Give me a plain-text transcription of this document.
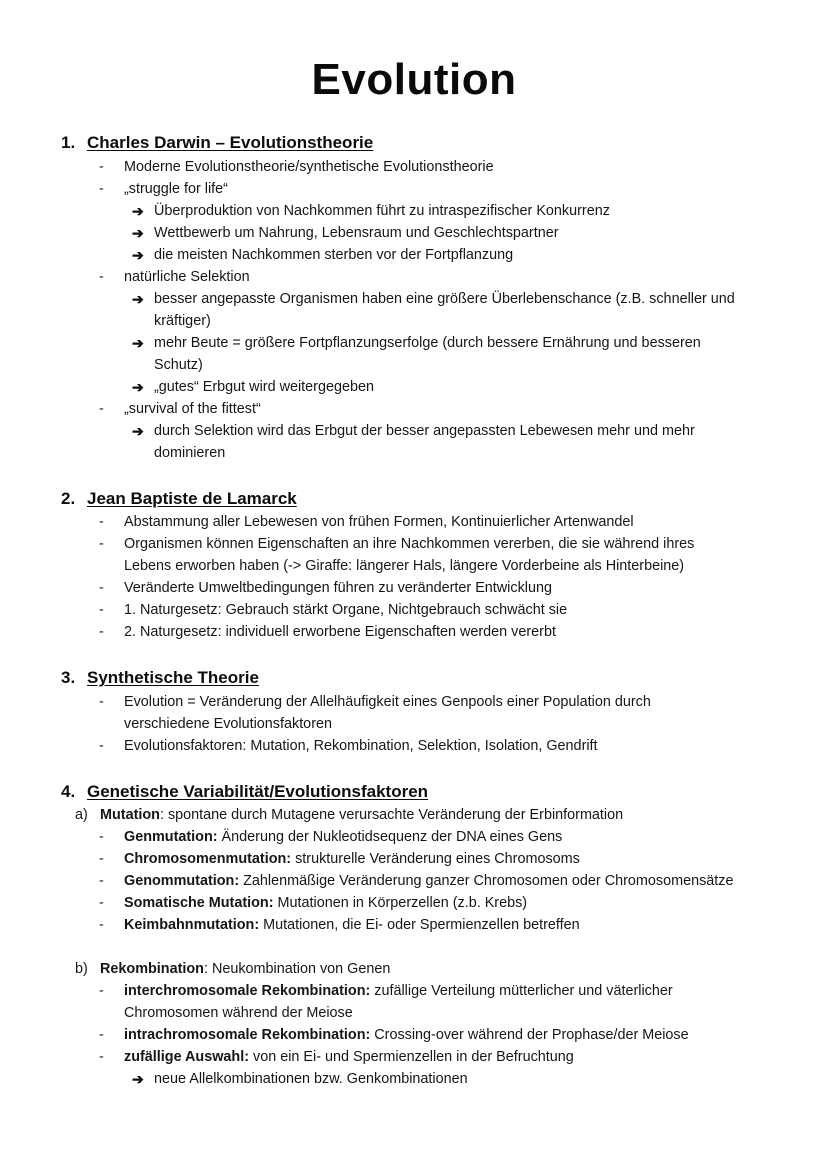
Evolution
1. Charles Darwin – Evolutionstheorie
- Moderne Evolutionstheorie/synthetische Evolutionstheorie
- „struggle for life“
➔ Überproduktion von Nachkommen führt zu intraspezifischer Konkurrenz
➔ Wettbewerb um Nahrung, Lebensraum und Geschlechtspartner
➔ die meisten Nachkommen sterben vor der Fortpflanzung
- natürliche Selektion
➔ besser angepasste Organismen haben eine größere Überlebenschance (z.B. schneller und
kräftiger)
➔ mehr Beute = größere Fortpflanzungserfolge (durch bessere Ernährung und besseren
Schutz)
➔ „gutes“ Erbgut wird weitergegeben
- „survival of the fittest“
➔ durch Selektion wird das Erbgut der besser angepassten Lebewesen mehr und mehr
dominieren
2. Jean Baptiste de Lamarck
- Abstammung aller Lebewesen von frühen Formen, Kontinuierlicher Artenwandel
- Organismen können Eigenschaften an ihre Nachkommen vererben, die sie während ihres
Lebens erworben haben (-> Giraffe: längerer Hals, längere Vorderbeine als Hinterbeine)
- Veränderte Umweltbedingungen führen zu veränderter Entwicklung
- 1. Naturgesetz: Gebrauch stärkt Organe, Nichtgebrauch schwächt sie
- 2. Naturgesetz: individuell erworbene Eigenschaften werden vererbt
3. Synthetische Theorie
- Evolution = Veränderung der Allelhäufigkeit eines Genpools einer Population durch
verschiedene Evolutionsfaktoren
- Evolutionsfaktoren: Mutation, Rekombination, Selektion, Isolation, Gendrift
4. Genetische Variabilität/Evolutionsfaktoren
a) Mutation: spontane durch Mutagene verursachte Veränderung der Erbinformation
- Genmutation: Änderung der Nukleotidsequenz der DNA eines Gens
- Chromosomenmutation: strukturelle Veränderung eines Chromosoms
- Genommutation: Zahlenmäßige Veränderung ganzer Chromosomen oder Chromosomensätze
- Somatische Mutation: Mutationen in Körperzellen (z.b. Krebs)
- Keimbahnmutation: Mutationen, die Ei- oder Spermienzellen betreffen
b) Rekombination: Neukombination von Genen
- interchromosomale Rekombination: zufällige Verteilung mütterlicher und väterlicher
Chromosomen während der Meiose
- intrachromosomale Rekombination: Crossing-over während der Prophase/der Meiose
- zufällige Auswahl: von ein Ei- und Spermienzellen in der Befruchtung
➔ neue Allelkombinationen bzw. Genkombinationen
